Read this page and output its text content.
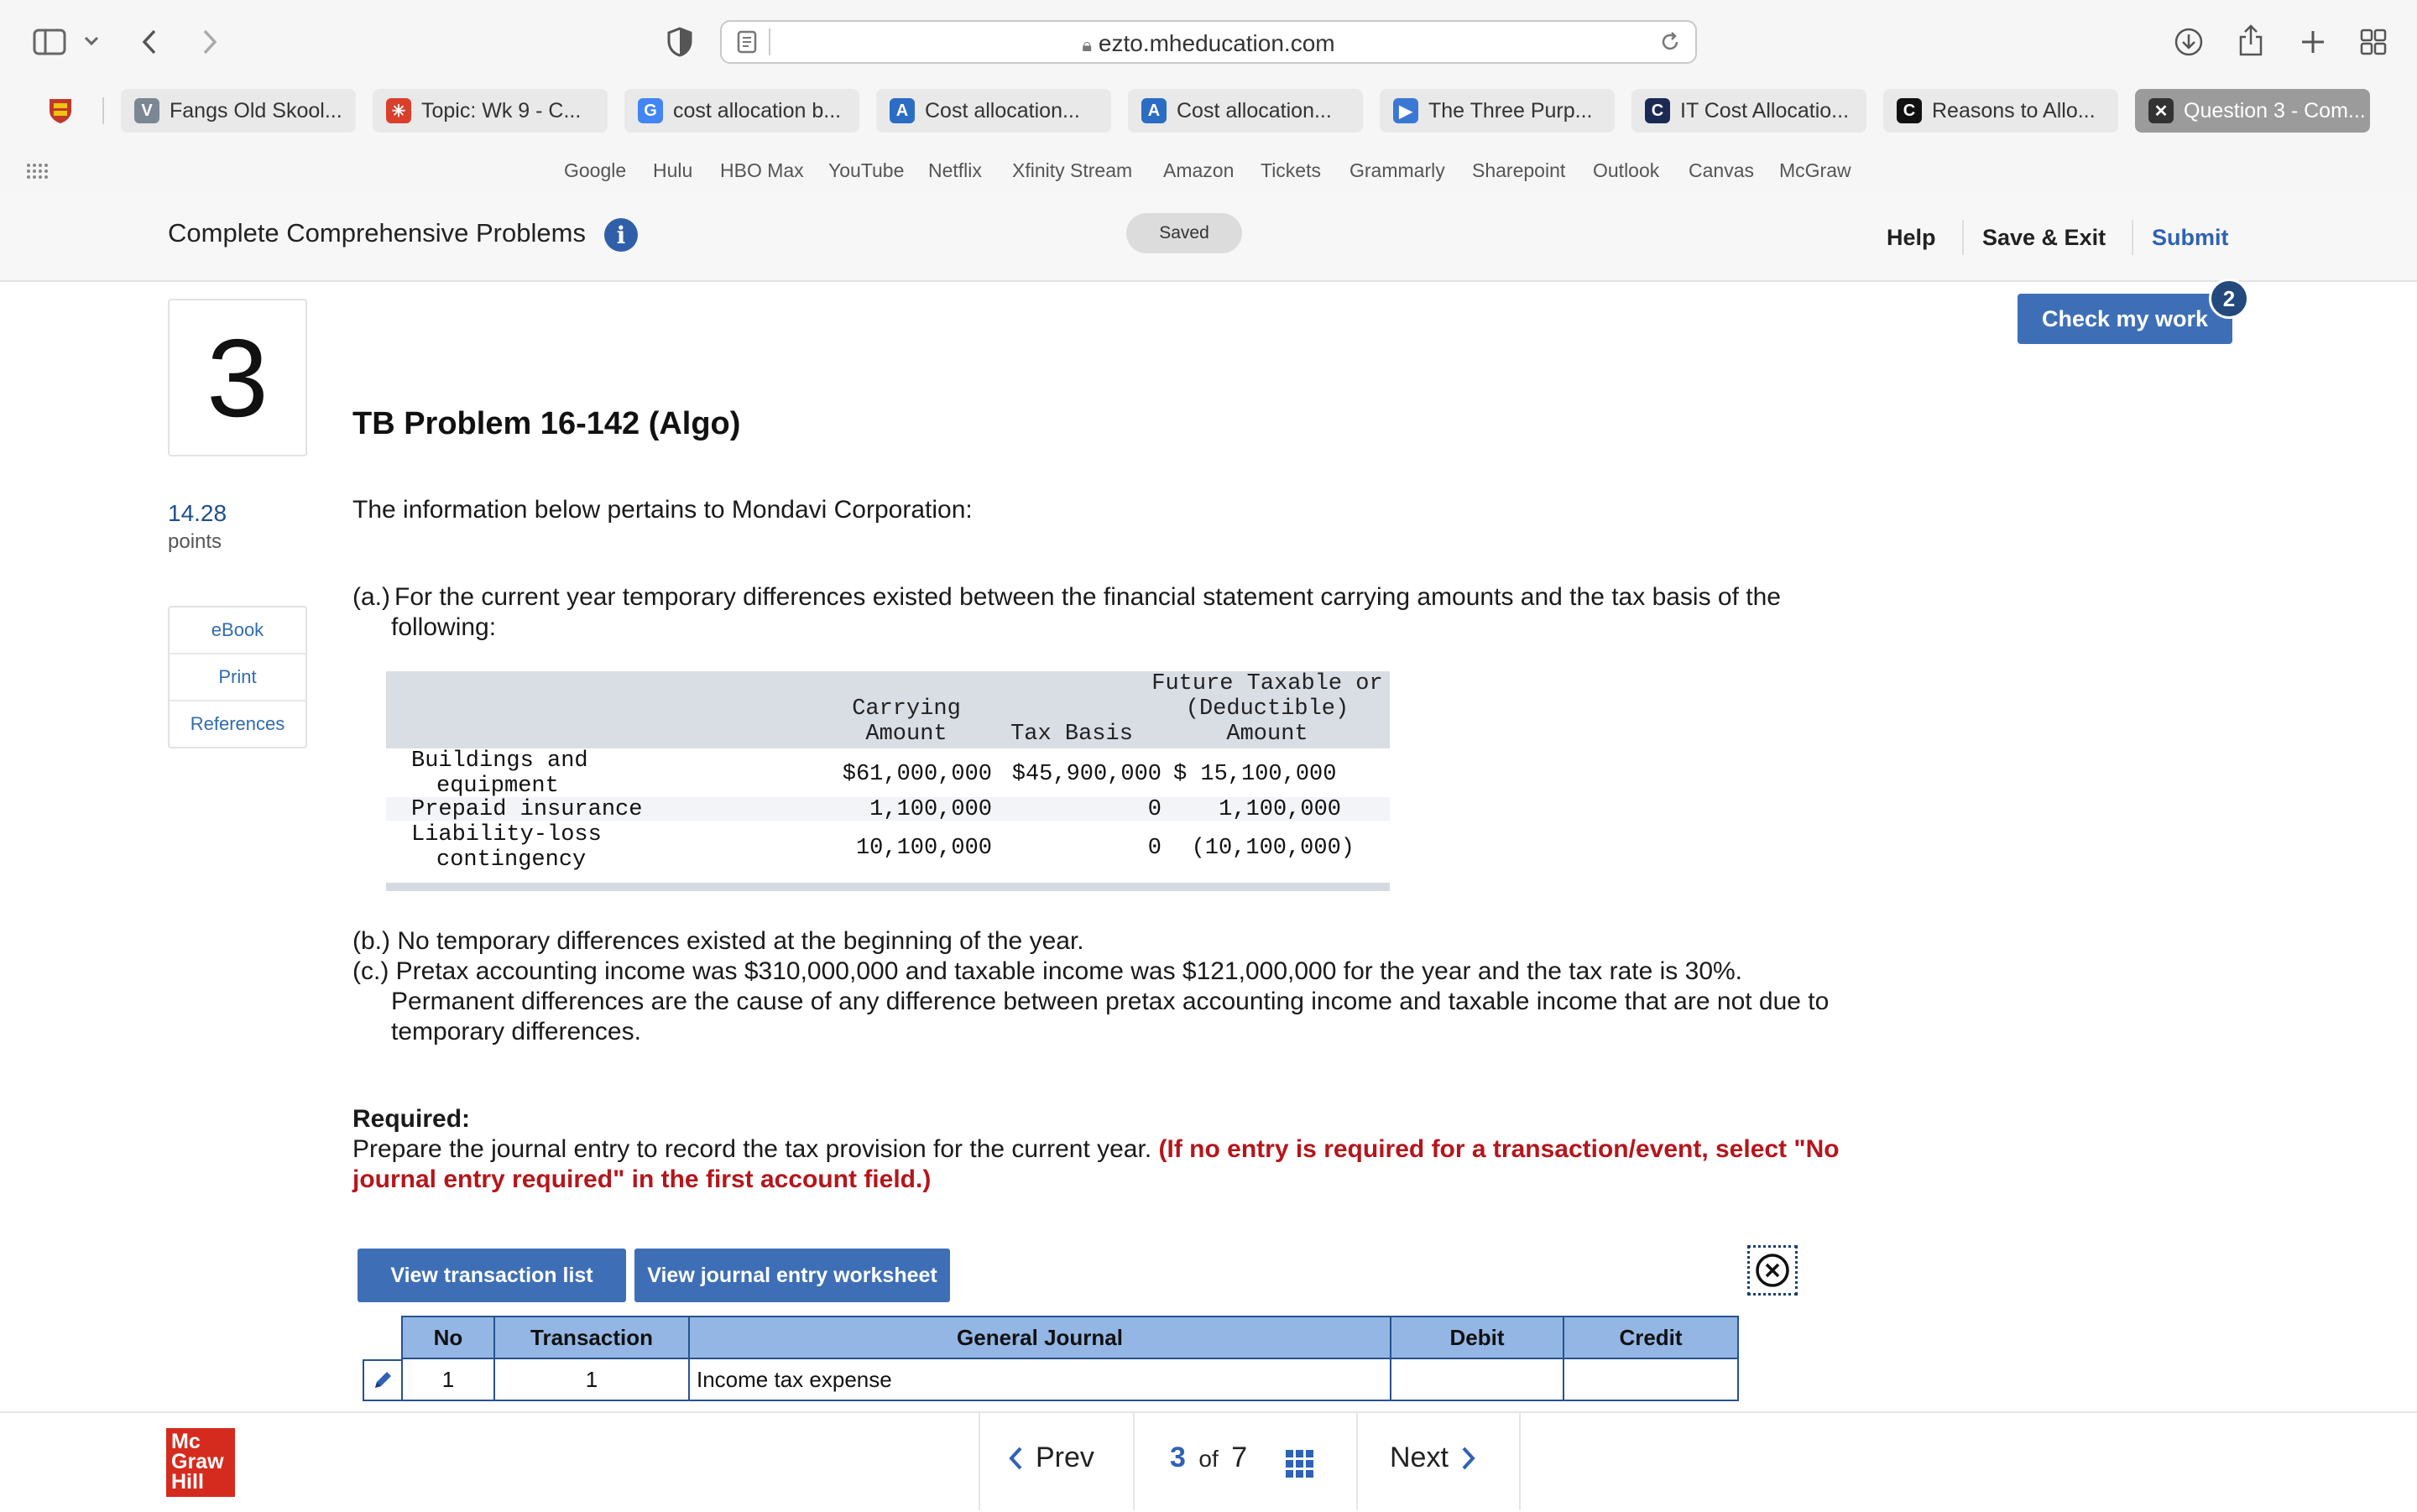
🔒︎ ezto.mheducation.com
V Fangs Old Skool...	✳ Topic: Wk 9 - C...	G cost allocation b...	A Cost allocation...	A Cost allocation...	▶ The Three Purp...	C IT Cost Allocatio...	C Reasons to Allo...	✕ Question 3 - Com...
Google Hulu HBO Max YouTube Netflix Xfinity Stream Amazon Tickets Grammarly Sharepoint Outlook Canvas McGraw
Complete Comprehensive Problems	i	Saved	Help Save & Exit Submit
3
14.28
points
eBook
Print
References
Check my work
2
TB Problem 16-142 (Algo)
The information below pertains to Mondavi Corporation:
(a.) For the current year temporary differences existed between the financial statement carrying amounts and the tax basis of the
following:
Carrying
Amount	Tax Basis
Future Taxable or
(Deductible)
Amount
Buildings and
equipment	$61,000,000 $45,900,000 $ 15,100,000
Prepaid insurance	1,100,000	0	1,100,000
Liability-loss
contingency	10,100,000	0	(10,100,000)
(b.) No temporary differences existed at the beginning of the year.
(c.) Pretax accounting income was $310,000,000 and taxable income was $121,000,000 for the year and the tax rate is 30%.
Permanent differences are the cause of any difference between pretax accounting income and taxable income that are not due to
temporary differences.
Required:
Prepare the journal entry to record the tax provision for the current year. (If no entry is required for a transaction/event, select "No
journal entry required" in the first account field.)
View transaction list	View journal entry worksheet
No	Transaction	General Journal	Debit	Credit
1	1	Income tax expense
Mc
Graw
Hill
Prev	3 of 7	Next
